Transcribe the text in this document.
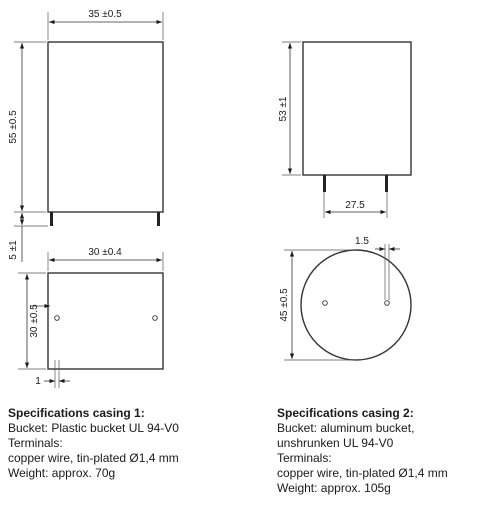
35 ±0.5
55 ±0.5
5 ±1	30 ±0.4
30 ±0.5
1
53 ±1
27.5
1.5
45 ±0.5
Specifications casing 1:
Bucket: Plastic bucket UL 94-V0
Terminals:
copper wire, tin-plated Ø1,4 mm
Weight: approx. 70g
Specifications casing 2:
Bucket: aluminum bucket,
unshrunken UL 94-V0
Terminals:
copper wire, tin-plated Ø1,4 mm
Weight: approx. 105g
